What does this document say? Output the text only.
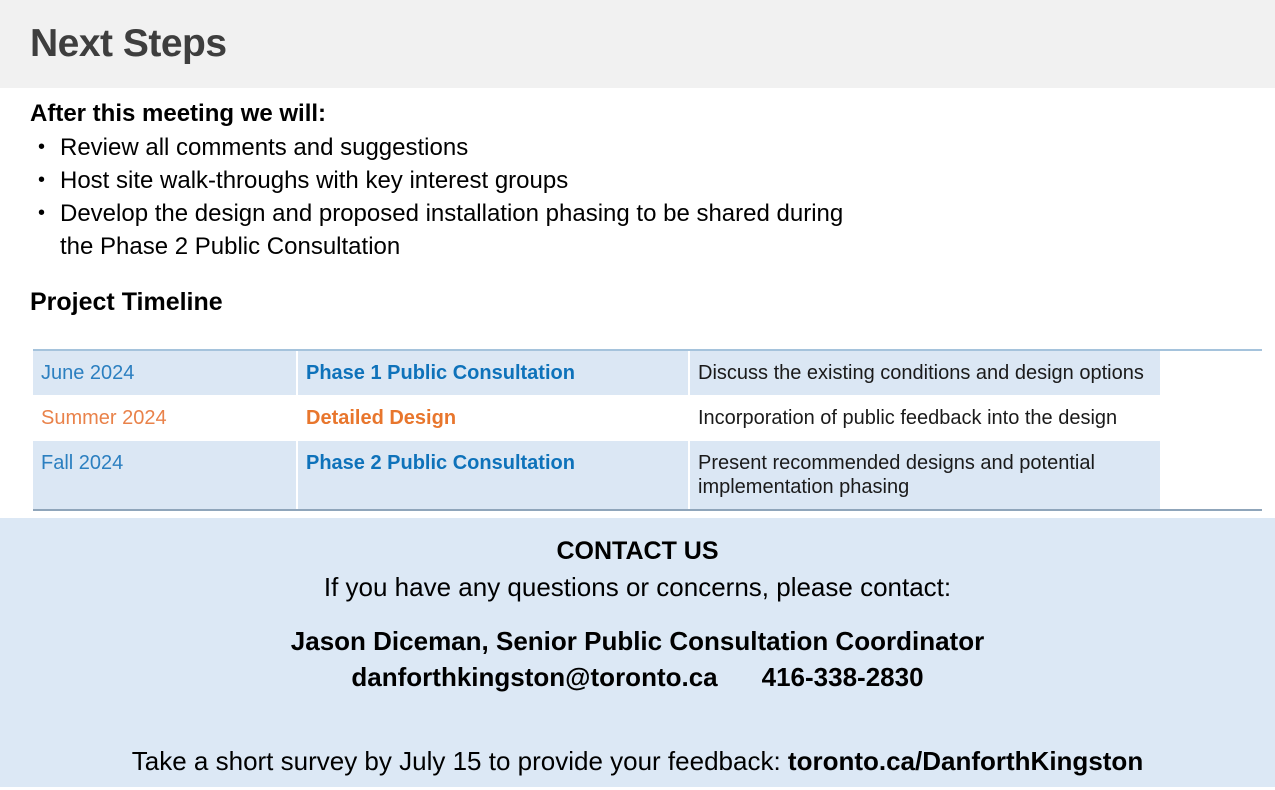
Next Steps

After this meeting we will:

• Review all comments and suggestions
• Host site walk-throughs with key interest groups
• Develop the design and proposed installation phasing to be shared during the Phase 2 Public Consultation
Project Timeline
June 2024	Phase 1 Public Consultation	Discuss the existing conditions and design options
Summer 2024	Detailed Design	Incorporation of public feedback into the design
Fall 2024	Phase 2 Public Consultation	Present recommended designs and potential implementation phasing
CONTACT US
If you have any questions or concerns, please contact:
Jason Diceman, Senior Public Consultation Coordinator
danforthkingston@toronto.ca 416-338-2830
Take a short survey by July 15 to provide your feedback: toronto.ca/DanforthKingston
